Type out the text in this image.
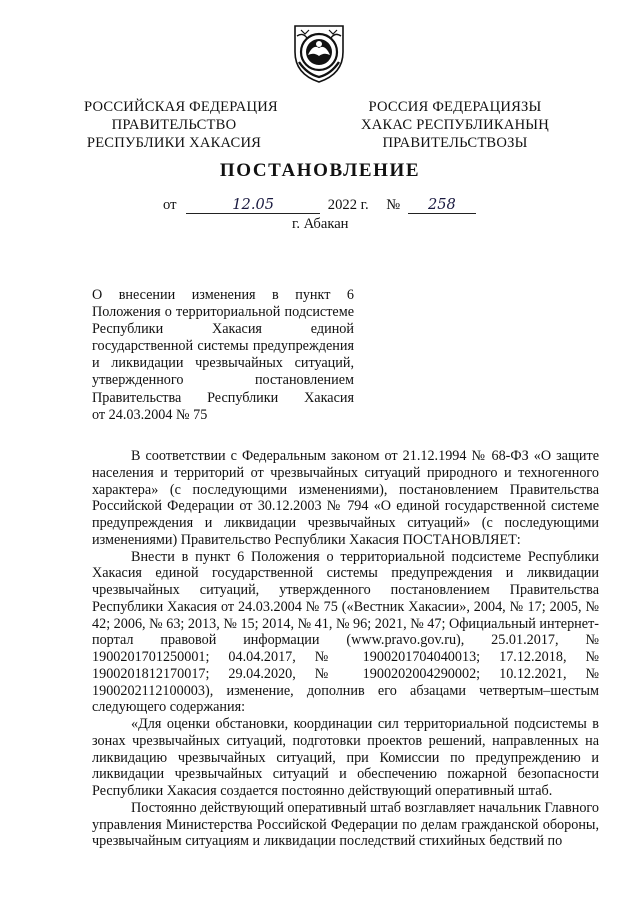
РОССИЙСКАЯ ФЕДЕРАЦИЯ
ПРАВИТЕЛЬСТВО
РЕСПУБЛИКИ ХАКАСИЯ
РОССИЯ ФЕДЕРАЦИЯЗЫ
ХАКАС РЕСПУБЛИКАНЫҢ
ПРАВИТЕЛЬСТВОЗЫ
ПОСТАНОВЛЕНИЕ
от	12.05	2022 г. № 258
г. Абакан
О внесении изменения в пункт 6
Положения о территориальной подсистеме
Республики Хакасия единой
государственной системы предупреждения
и ликвидации чрезвычайных ситуаций,
утвержденного постановлением
Правительства Республики Хакасия
от 24.03.2004 № 75

В соответствии с Федеральным законом от 21.12.1994 № 68-ФЗ «О защите населения и территорий от чрезвычайных ситуаций природного и техногенного характера» (с последующими изменениями), постановлением Правительства Российской Федерации от 30.12.2003 № 794 «О единой государственной системе предупреждения и ликвидации чрезвычайных ситуаций» (с последующими изменениями) Правительство Республики Хакасия ПОСТАНОВЛЯЕТ:

Внести в пункт 6 Положения о территориальной подсистеме Республики Хакасия единой государственной системы предупреждения и ликвидации чрезвычайных ситуаций, утвержденного постановлением Правительства Республики Хакасия от 24.03.2004 № 75 («Вестник Хакасии», 2004, № 17; 2005, № 42; 2006, № 63; 2013, № 15; 2014, № 41, № 96; 2021, № 47; Официальный интернет-портал правовой информации (www.pravo.gov.ru), 25.01.2017, № 1900201701250001; 04.04.2017, № 1900201704040013; 17.12.2018, № 1900201812170017; 29.04.2020, № 1900202004290002; 10.12.2021, № 1900202112100003), изменение, дополнив его абзацами четвертым–шестым следующего содержания:

«Для оценки обстановки, координации сил территориальной подсистемы в зонах чрезвычайных ситуаций, подготовки проектов решений, направленных на ликвидацию чрезвычайных ситуаций, при Комиссии по предупреждению и ликвидации чрезвычайных ситуаций и обеспечению пожарной безопасности Республики Хакасия создается постоянно действующий оперативный штаб.

Постоянно действующий оперативный штаб возглавляет начальник Главного управления Министерства Российской Федерации по делам гражданской обороны, чрезвычайным ситуациям и ликвидации последствий стихийных бедствий по
